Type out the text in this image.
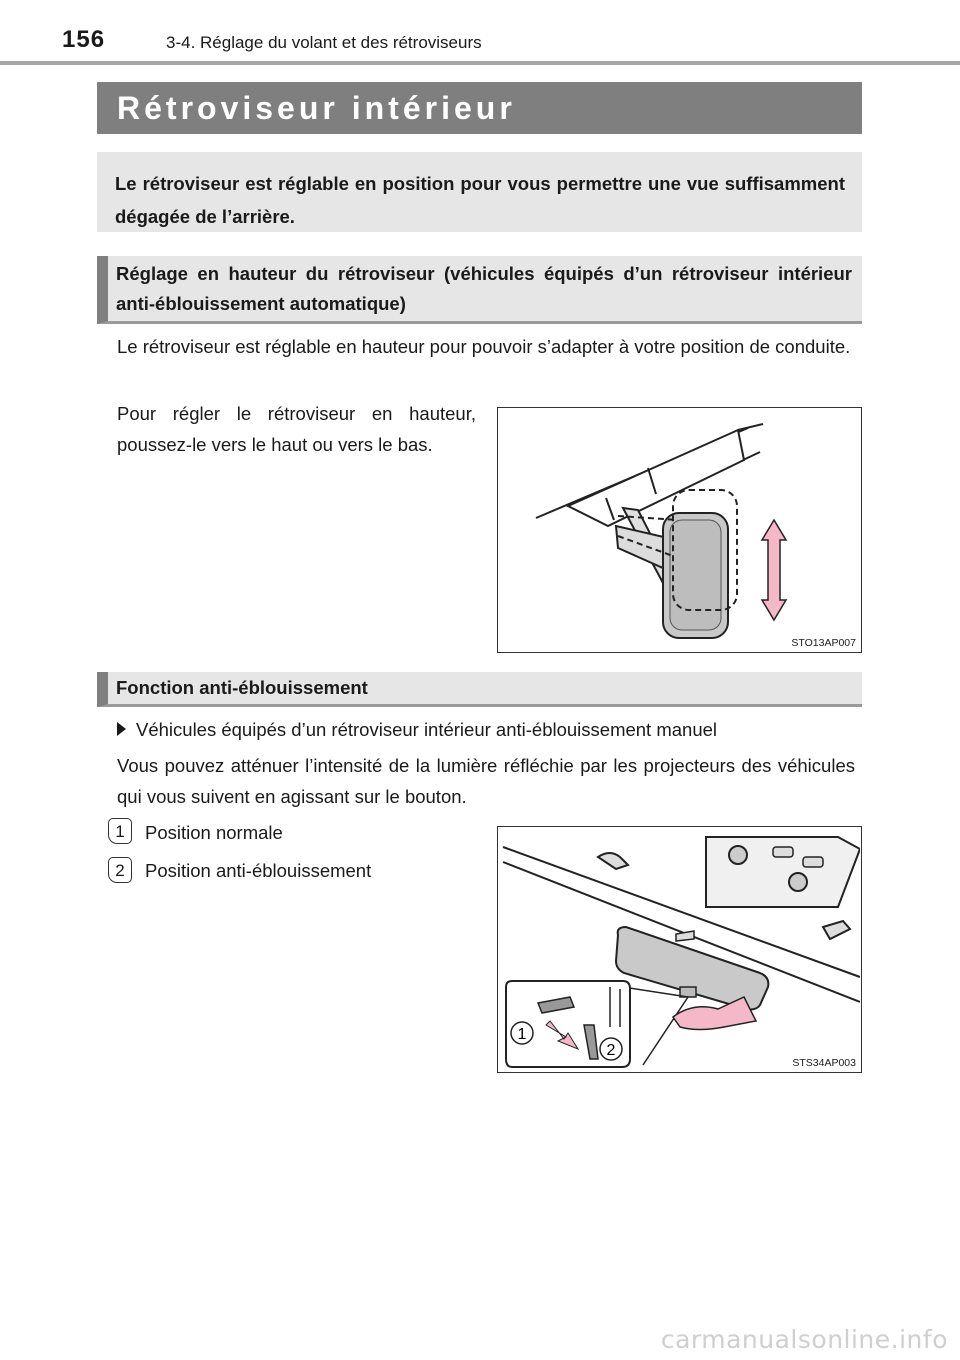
156	3-4. Réglage du volant et des rétroviseurs
Rétroviseur intérieur

Le rétroviseur est réglable en position pour vous permettre une vue suffisamment dégagée de l’arrière.

Réglage en hauteur du rétroviseur (véhicules équipés d’un rétroviseur intérieur anti-éblouissement automatique)

Le rétroviseur est réglable en hauteur pour pouvoir s’adapter à votre position de conduite.

Pour régler le rétroviseur en hauteur, poussez-le vers le haut ou vers le bas.

STO13AP007
Fonction anti-éblouissement
Véhicules équipés d’un rétroviseur intérieur anti-éblouissement manuel

Vous pouvez atténuer l’intensité de la lumière réfléchie par les projecteurs des véhicules qui vous suivent en agissant sur le bouton.

1	Position normale
2	Position anti-éblouissement
1
2
STS34AP003
carmanualsonline.info
